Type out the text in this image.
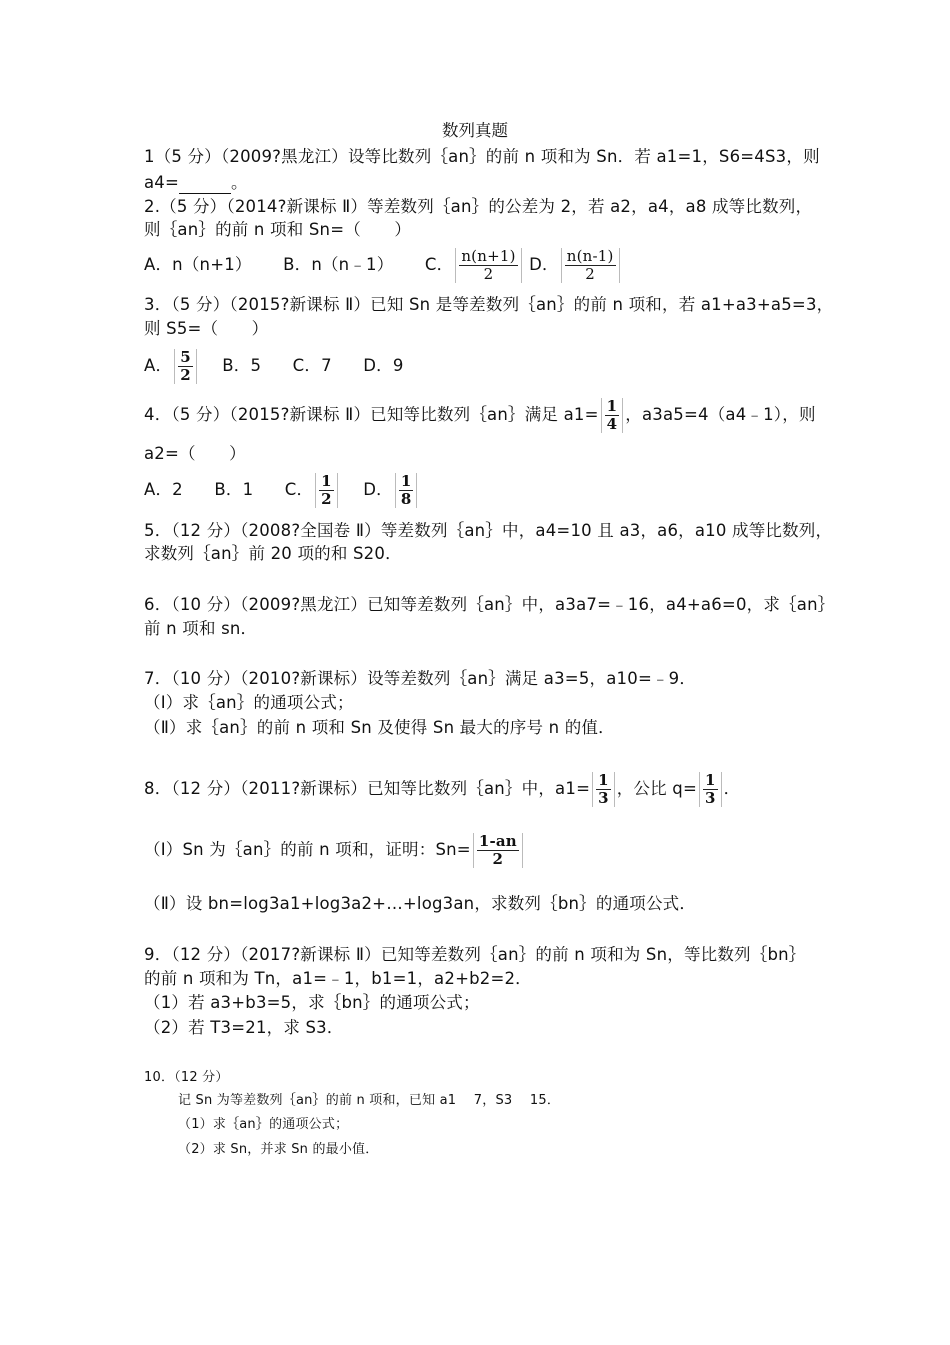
数列真题
1（5 分）（2009?黑龙江）设等比数列｛an｝的前 n 项和为 Sn．若 a1=1，S6=4S3，则
a4=	。
2.（5 分）（2014?新课标 Ⅱ）等差数列｛an｝的公差为 2，若 a2，a4，a8 成等比数列，
则｛an｝的前 n 项和 Sn=（　　）
A．n（n+1） B．n（n﹣1） C． $\frac{n(n+1)}{2}$ D． $\frac{n(n-1)}{2}$
3．（5 分）（2015?新课标 Ⅱ）已知 Sn 是等差数列｛an｝的前 n 项和，若 a1+a3+a5=3，
则 S5=（　　）
A． $\frac{5}{2}$ B．5 C．7 D．9
4．（5 分）（2015?新课标 Ⅱ）已知等比数列｛an｝满足 $a1= \frac{1}{4}$ ，a3a5=4（a4﹣1），则
a2=（　　）
A．2 B．1 C． $\frac{1}{2}$ D． $\frac{1}{8}$
5．（12 分）（2008?全国卷 Ⅱ）等差数列｛an｝中，a4=10 且 a3，a6，a10 成等比数列，
求数列｛an｝前 20 项的和 S20．
6．（10 分）（2009?黑龙江）已知等差数列｛an｝中，a3a7=﹣16，a4+a6=0，求｛an｝
前 n 项和 sn．
7．（10 分）（2010?新课标）设等差数列｛an｝满足 a3=5，a10=﹣9．
（Ⅰ）求｛an｝的通项公式；
（Ⅱ）求｛an｝的前 n 项和 Sn 及使得 Sn 最大的序号 n 的值．
8．（12 分）（2011?新课标）已知等比数列｛an｝中，$a1= \frac{1}{3}$ ，公比 $q= \frac{1}{3}$ ．
（Ⅰ）Sn 为｛an｝的前 n 项和，证明：$Sn= \frac{1-an}{2}$
（Ⅱ）设 bn=log3a1+log3a2+…+log3an，求数列｛bn｝的通项公式．
9．（12 分）（2017?新课标 Ⅱ）已知等差数列｛an｝的前 n 项和为 Sn，等比数列｛bn｝
的前 n 项和为 Tn，a1=﹣1，b1=1，a2+b2=2．
（1）若 a3+b3=5，求｛bn｝的通项公式；
（2）若 T3=21，求 S3．
10．（12 分）
记 Sn 为等差数列｛an｝的前 n 项和，已知 a1　 7，S3　 15．
（1）求｛an｝的通项公式；
（2）求 Sn，并求 Sn 的最小值．
